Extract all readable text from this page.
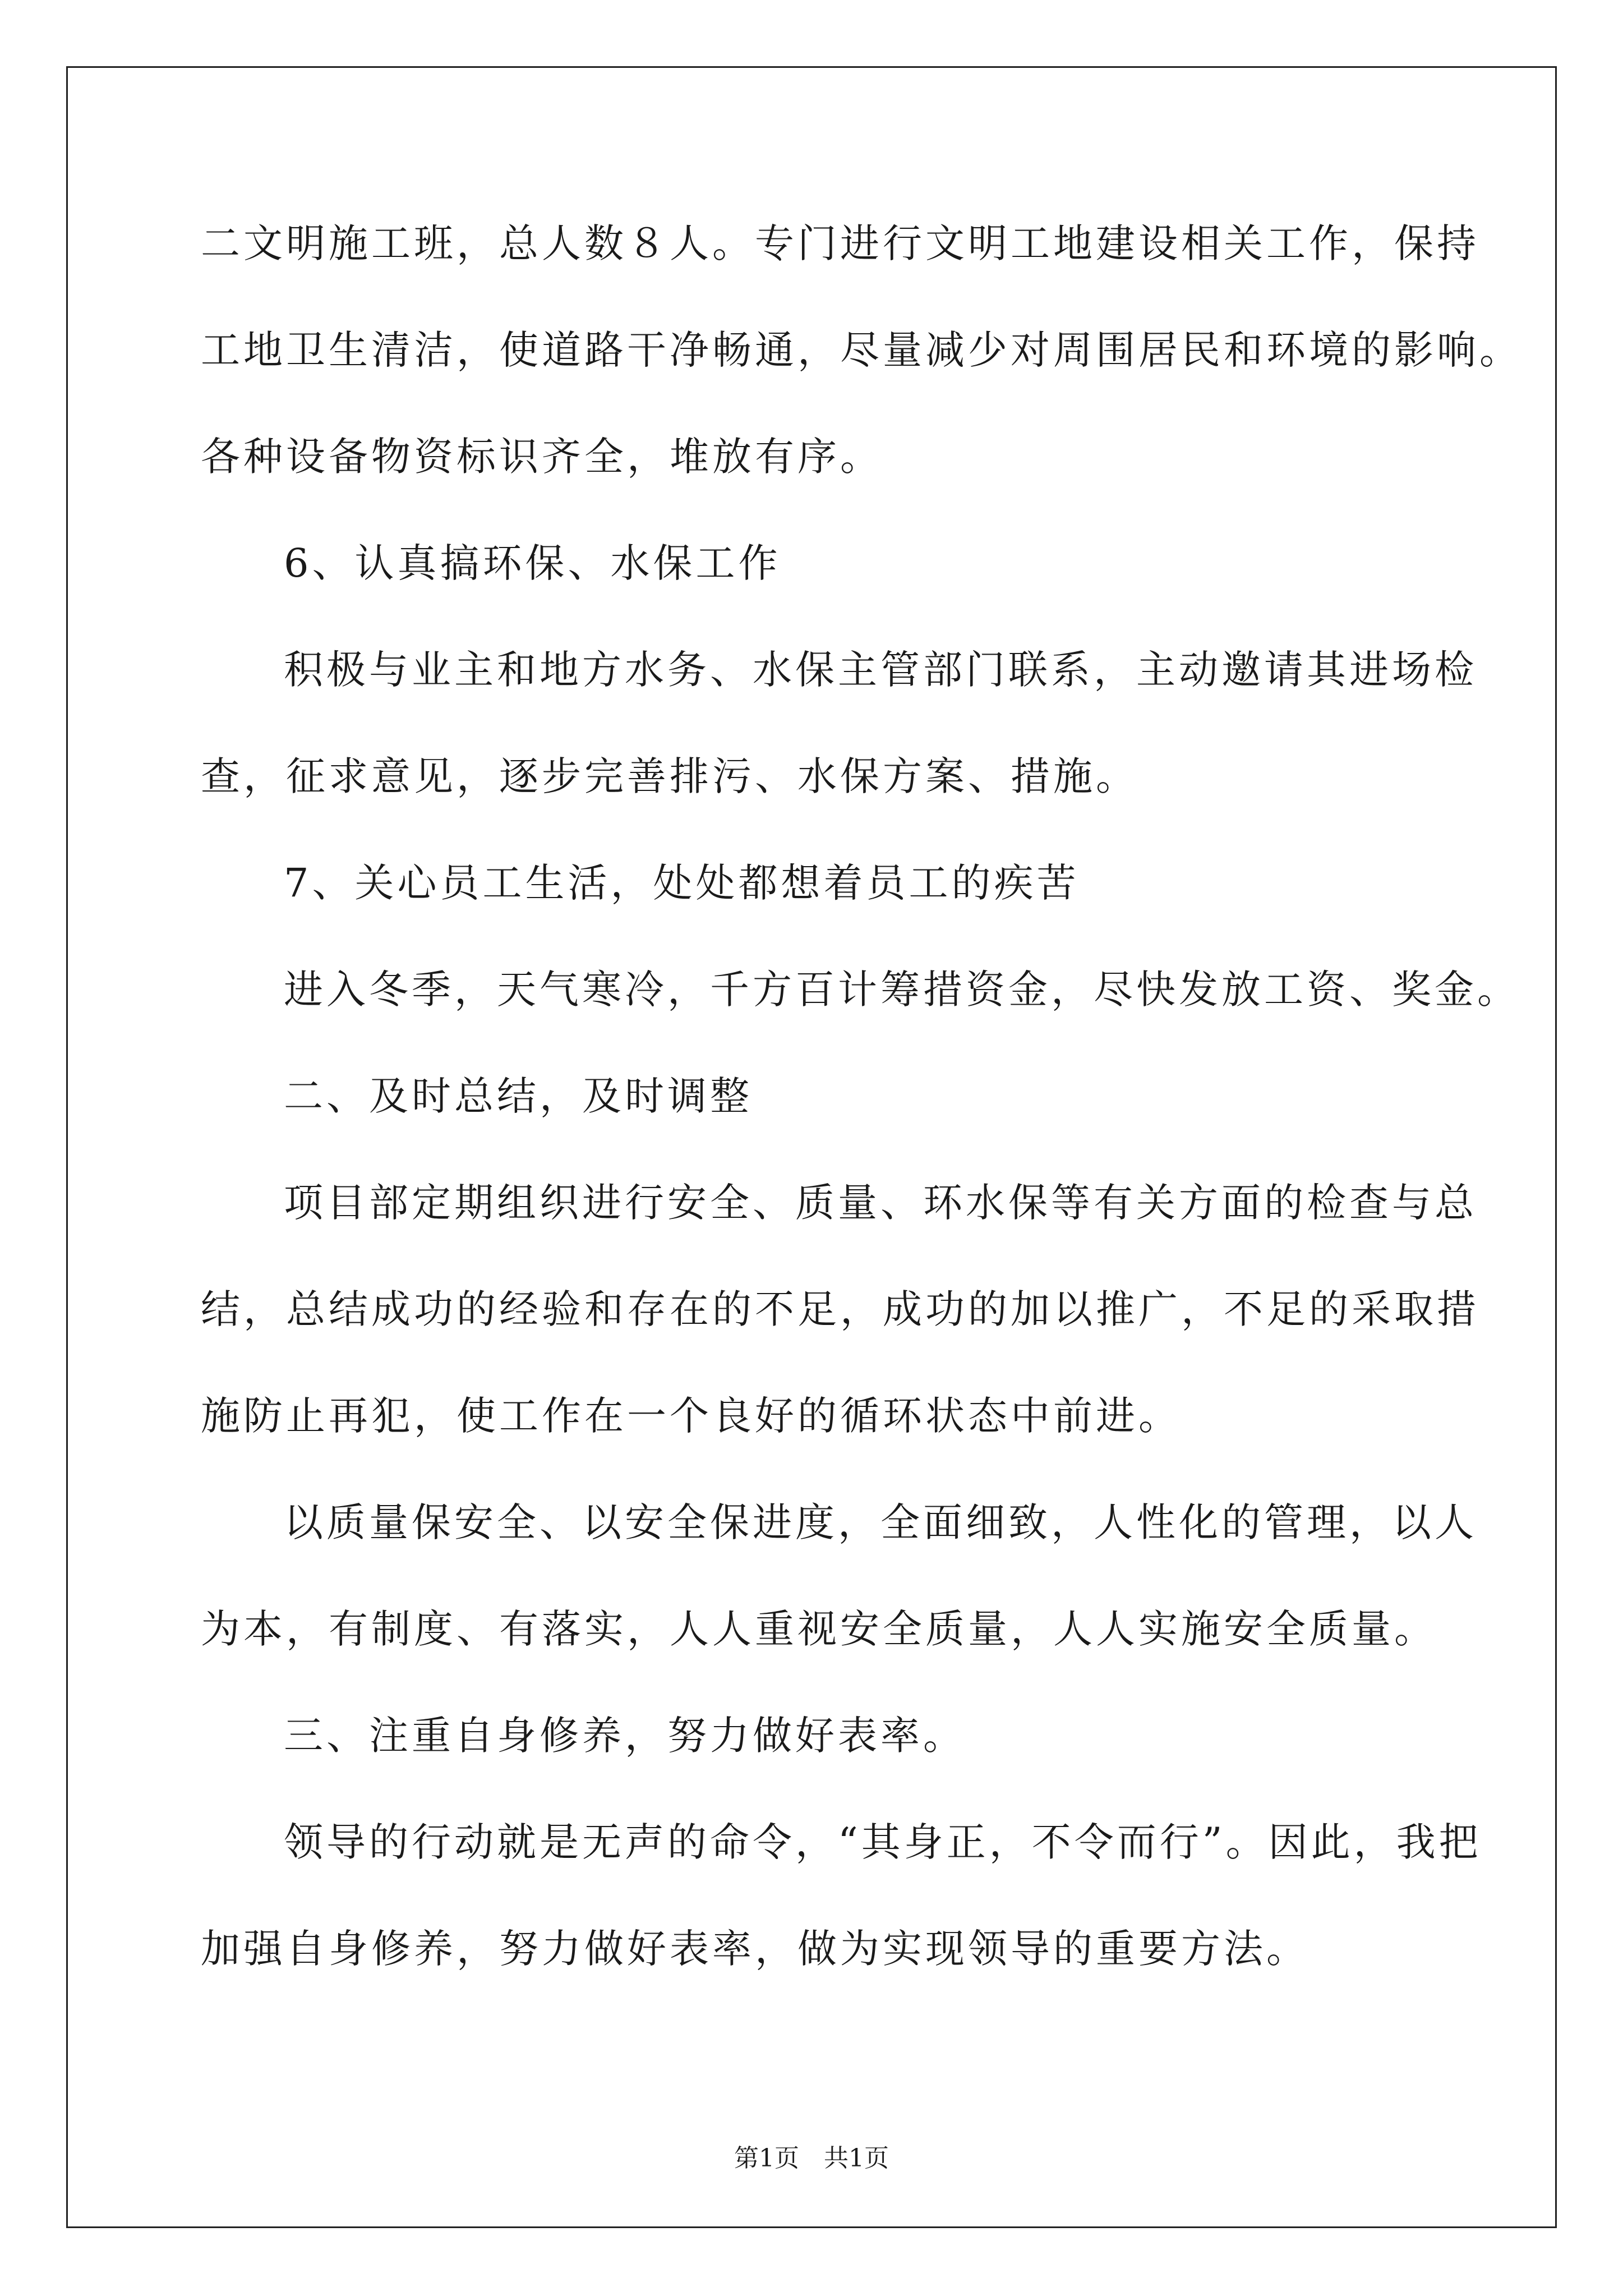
二文明施工班，总人数８人。专门进行文明工地建设相关工作，保持
工地卫生清洁，使道路干净畅通，尽量减少对周围居民和环境的影响。
各种设备物资标识齐全，堆放有序。
6、认真搞环保、水保工作
积极与业主和地方水务、水保主管部门联系，主动邀请其进场检
查，征求意见，逐步完善排污、水保方案、措施。
7、关心员工生活，处处都想着员工的疾苦
进入冬季，天气寒冷，千方百计筹措资金，尽快发放工资、奖金。
二、及时总结，及时调整
项目部定期组织进行安全、质量、环水保等有关方面的检查与总
结，总结成功的经验和存在的不足，成功的加以推广，不足的采取措
施防止再犯，使工作在一个良好的循环状态中前进。
以质量保安全、以安全保进度，全面细致，人性化的管理，以人
为本，有制度、有落实，人人重视安全质量，人人实施安全质量。
三、注重自身修养，努力做好表率。
领导的行动就是无声的命令，“其身正，不令而行”。因此，我把
加强自身修养，努力做好表率，做为实现领导的重要方法。
第1页　共1页
